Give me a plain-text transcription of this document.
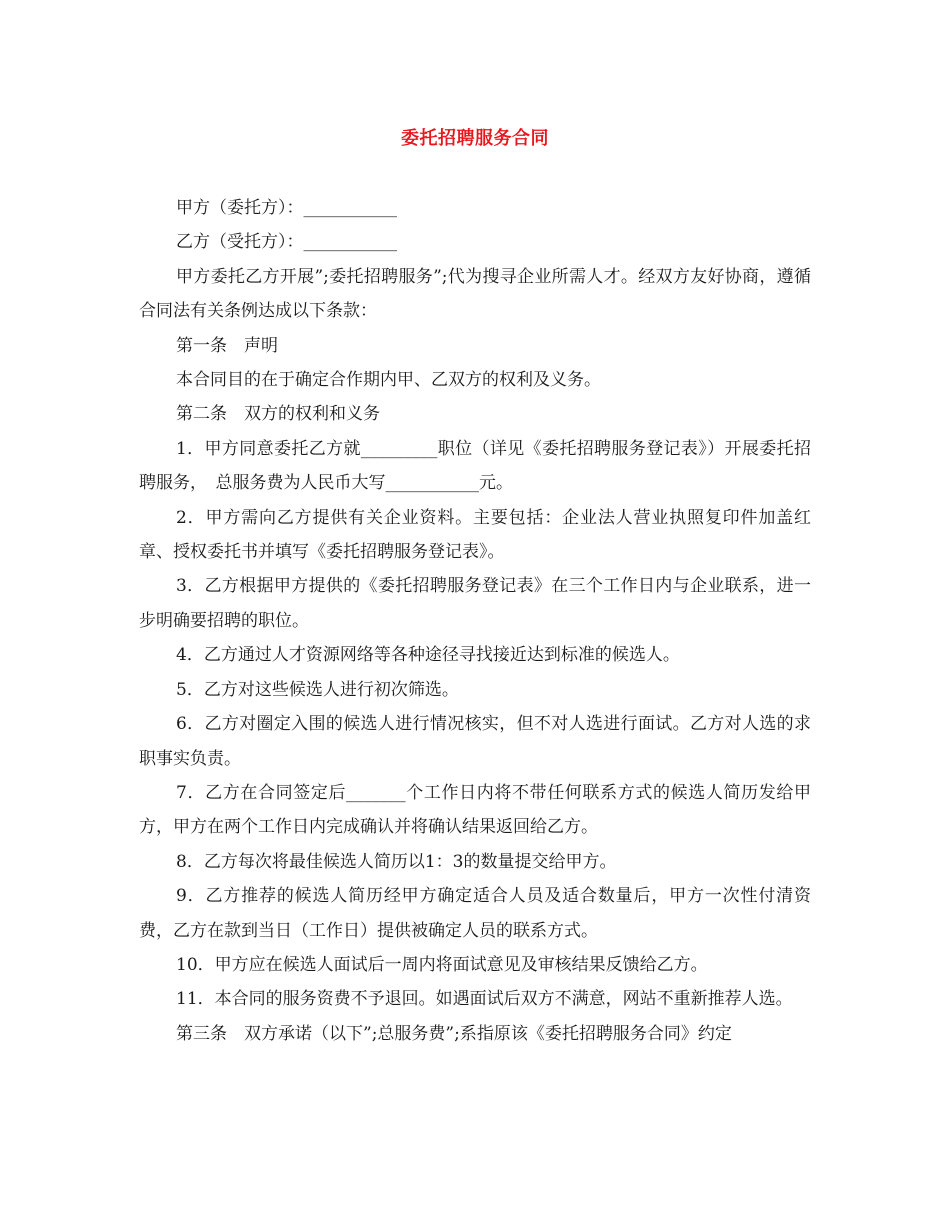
委托招聘服务合同

甲方（委托方）：___________

乙方（受托方）：___________

甲方委托乙方开展”;委托招聘服务”;代为搜寻企业所需人才。经双方友好协商，遵循合同法有关条例达成以下条款：

第一条　声明

本合同目的在于确定合作期内甲、乙双方的权利及义务。

第二条　双方的权利和义务

1．甲方同意委托乙方就_________职位（详见《委托招聘服务登记表》）开展委托招聘服务，　总服务费为人民币大写___________元。

2．甲方需向乙方提供有关企业资料。主要包括：企业法人营业执照复印件加盖红章、授权委托书并填写《委托招聘服务登记表》。

3．乙方根据甲方提供的《委托招聘服务登记表》在三个工作日内与企业联系，进一步明确要招聘的职位。

4．乙方通过人才资源网络等各种途径寻找接近达到标准的候选人。

5．乙方对这些候选人进行初次筛选。

6．乙方对圈定入围的候选人进行情况核实，但不对人选进行面试。乙方对人选的求职事实负责。

7．乙方在合同签定后_______个工作日内将不带任何联系方式的候选人简历发给甲方，甲方在两个工作日内完成确认并将确认结果返回给乙方。

8．乙方每次将最佳候选人简历以1：3的数量提交给甲方。

9．乙方推荐的候选人简历经甲方确定适合人员及适合数量后，甲方一次性付清资费，乙方在款到当日（工作日）提供被确定人员的联系方式。

10．甲方应在候选人面试后一周内将面试意见及审核结果反馈给乙方。

11．本合同的服务资费不予退回。如遇面试后双方不满意，网站不重新推荐人选。

第三条　双方承诺（以下”;总服务费”;系指原该《委托招聘服务合同》约定
